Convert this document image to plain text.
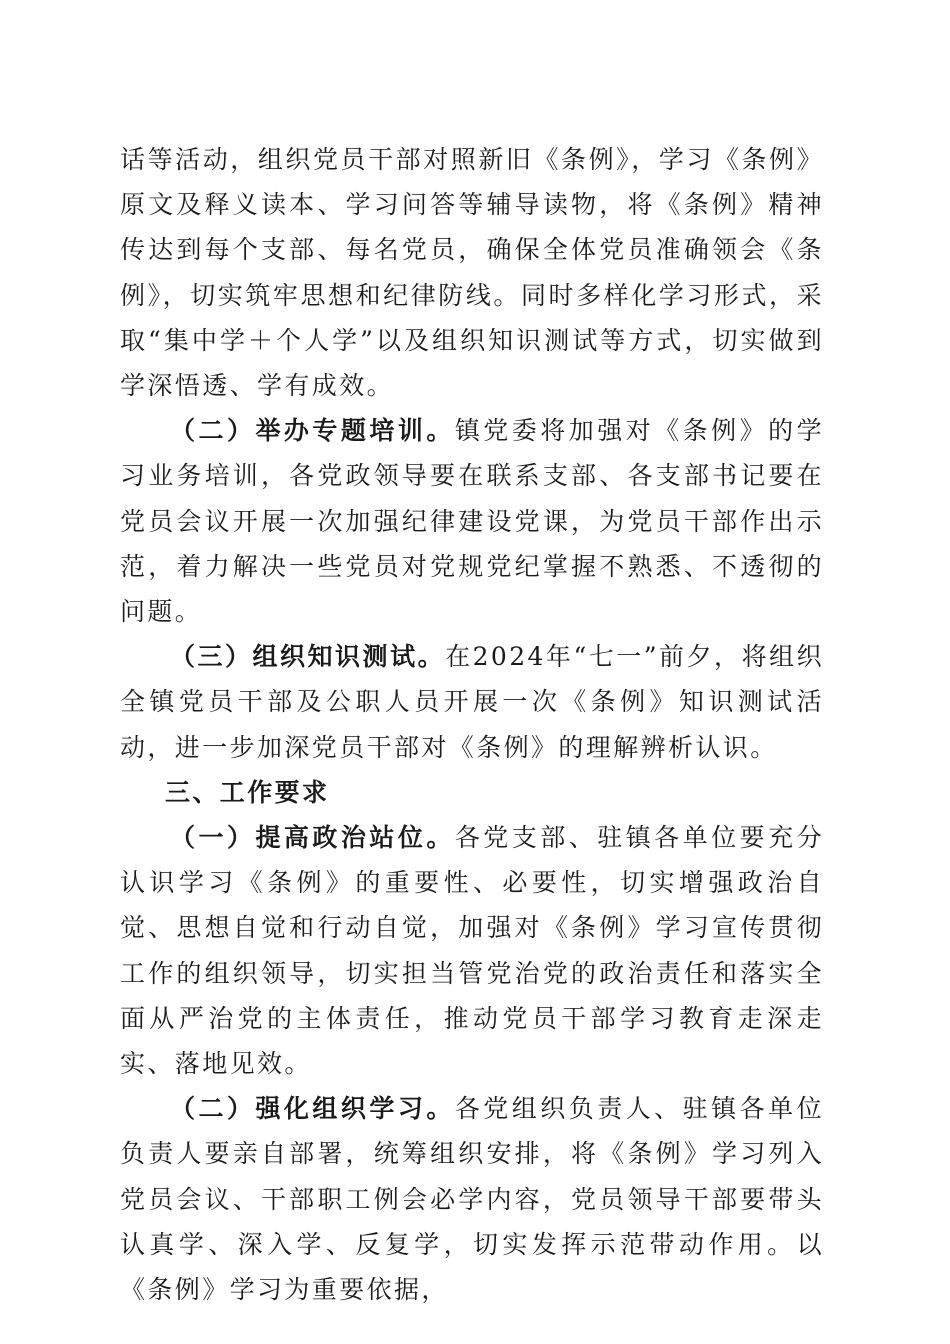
话等活动，组织党员干部对照新旧《条例》，学习《条例》原文及释义读本、学习问答等辅导读物，将《条例》精神传达到每个支部、每名党员，确保全体党员准确领会《条例》，切实筑牢思想和纪律防线。同时多样化学习形式，采取“集中学＋个人学”以及组织知识测试等方式，切实做到学深悟透、学有成效。

（二）举办专题培训。镇党委将加强对《条例》的学习业务培训，各党政领导要在联系支部、各支部书记要在党员会议开展一次加强纪律建设党课，为党员干部作出示范，着力解决一些党员对党规党纪掌握不熟悉、不透彻的问题。

（三）组织知识测试。在2024年“七一”前夕，将组织全镇党员干部及公职人员开展一次《条例》知识测试活动，进一步加深党员干部对《条例》的理解辨析认识。

三、工作要求

（一）提高政治站位。各党支部、驻镇各单位要充分认识学习《条例》的重要性、必要性，切实增强政治自觉、思想自觉和行动自觉，加强对《条例》学习宣传贯彻工作的组织领导，切实担当管党治党的政治责任和落实全面从严治党的主体责任，推动党员干部学习教育走深走实、落地见效。

（二）强化组织学习。各党组织负责人、驻镇各单位负责人要亲自部署，统筹组织安排，将《条例》学习列入党员会议、干部职工例会必学内容，党员领导干部要带头认真学、深入学、反复学，切实发挥示范带动作用。以《条例》学习为重要依据，
